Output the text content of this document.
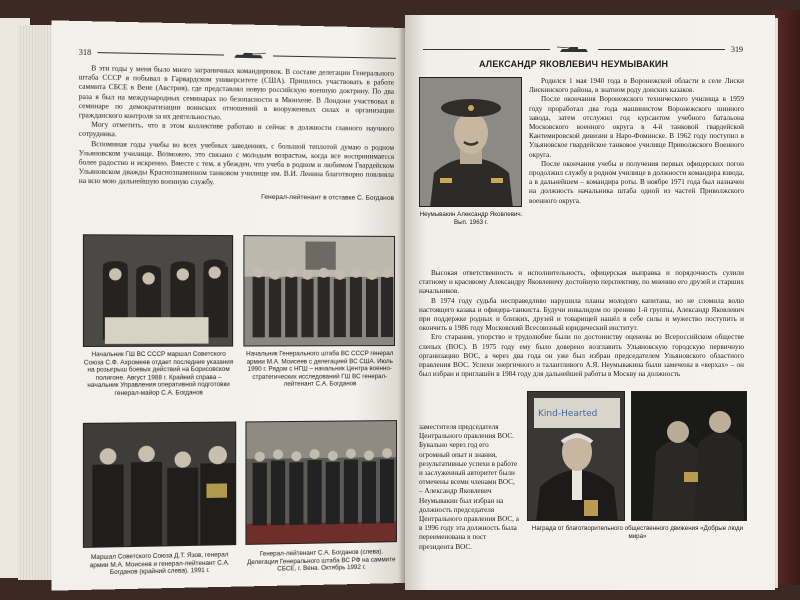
318

В эти годы у меня было много заграничных командировок. В составе делегации Генерального штаба СССР я побывал в Гарвардском университете (США). Пришлось участвовать в работе саммита СБСЕ в Вене (Австрия), где представлял новую российскую военную доктрину. По два раза я был на международных семинарах по безопасности в Мюнхене. В Лондоне участвовал в семинаре по демократизации воинских отношений в вооруженных силах и организации гражданского контроля за их деятельностью.

Могу отметить, что в этом коллективе работаю и сейчас в должности главного научного сотрудника.

Вспоминая годы учебы во всех учебных заведениях, с большой теплотой думаю о родном Ульяновском училище. Возможно, это связано с молодым возрастом, когда все воспринимается более радостно и искренно. Вместе с тем, я убежден, что учеба в родном и любимом Гвардейском Ульяновском дважды Краснознаменном танковом училище им. В.И. Ленина благотворно повлияла на всю мою дальнейшую военную службу.

Генерал-лейтенант в отставке С. Богданов
Начальник ГШ ВС СССР маршал Советского Союза С.Ф. Ахромеев отдает последние указания на розыгрыш боевых действий на Борисовском полигоне. Август 1988 г. Крайний справа – начальник Управления оперативной подготовки генерал-майор С.А. Богданов
Начальник Генерального штаба ВС СССР генерал армии М.А. Моисеев с делегацией ВС США. Июль 1990 г. Рядом с НГШ – начальник Центра военно-стратегических исследований ГШ ВС генерал-лейтенант С.А. Богданов
Маршал Советского Союза Д.Т. Язов, генерал армии М.А. Моисеев и генерал-лейтенант С.А. Богданов (крайний слева). 1991 г.
Генерал-лейтенант С.А. Богданов (слева). Делегация Генерального штаба ВС РФ на саммите СБСЕ, г. Вена. Октябрь 1992 г.
319
АЛЕКСАНДР ЯКОВЛЕВИЧ НЕУМЫВАКИН
Неумывакин Александр Яковлевич. Вып. 1963 г.

Родился 1 мая 1940 года в Воронежской области в селе Лиски Лискинского района, в знатном роду донских казаков.

После окончания Воронежского технического училища в 1959 году проработал два года машинистом Воронежского шинного завода, затем отслужил год курсантом учебного батальона Московского военного округа в 4-й танковой гвардейской Кантемировской дивизии в Наро-Фоминске. В 1962 году поступил в Ульяновское гвардейское танковое училище Приволжского Военного округа.

После окончания учебы и получения первых офицерских погон продолжил службу в родном училище в должности командира взвода, а в дальнейшем – командира роты. В ноябре 1971 года был назначен на должность начальника штаба одной из частей Приволжского военного округа.

Высокая ответственность и исполнительность, офицерская выправка и порядочность сулили статному и красивому Александру Яковлевичу достойную перспективу, по мнению его друзей и старших начальников.

В 1974 году судьба несправедливо нарушила планы молодого капитана, но не сломила волю настоящего казака и офицера-танкиста. Будучи инвалидом по зрению 1-й группы, Александр Яковлевич при поддержке родных и близких, друзей и товарищей нашёл в себе силы и мужество поступить и окончить в 1986 году Московский Всесоюзный юридический институт.

Его старания, упорство и трудолюбие были по достоинству оценены во Всероссийском обществе слепых (ВОС). В 1975 году ему было доверено возглавить Ульяновскую городскую первичную организацию ВОС, а через два года он уже был избран председателем Ульяновского областного правления ВОС. Успехи энергичного и талантливого А.Я. Неумывакина были замечены в «верхах» – он был избран и приглашён в 1984 году для дальнейшей работы в Москву на должность

заместителя председателя Центрального правления ВОС. Бувально через год его огромный опыт и знания, результативные успехи в работе и заслуженный авторитет были отмечены всеми членами ВОС, – Александр Яковлевич Неумывакин был избран на должность председателя Центрального правления ВОС, а в 1996 году эта должность была переименована в пост президента ВОС.

Kind-Hearted
Награда от благотворительного общественного движения «Добрые люди мира»
